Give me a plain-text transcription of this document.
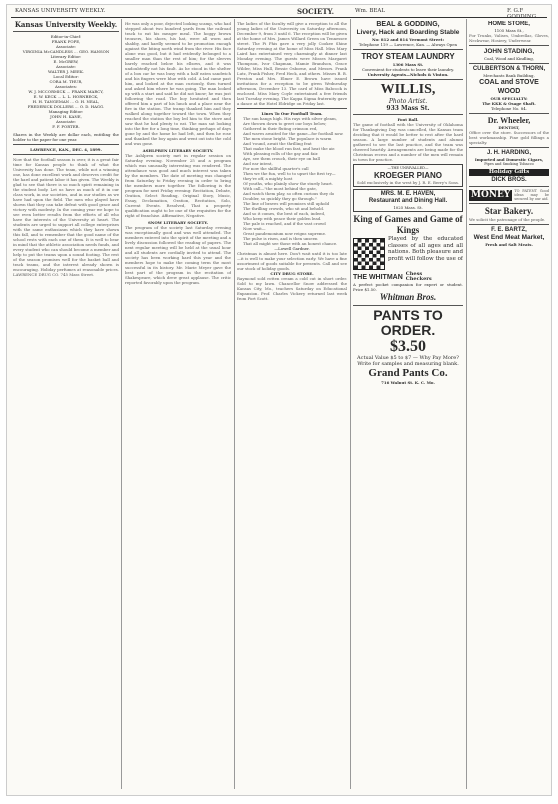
KANSAS UNIVERSITY WEEKLY.	SOCIETY.	Wm. BEAL	F. G.F GODDING
Kansas University Weekly.
Editor-in-Chief:
FRANK FOPE,
Associate:
VIRGINIA McCANDLESS ... GEO. HANSON
Literary Editor:
E. McGREW,
Associate:
WALTER J. MEEK.
Local Editor:
CORA M. THUR,
Associates:
W. J. MCCORMICK ... FRANK MARCY,
E. W. KECK ... L. L. HORNBECK,
H. H. TANGEMAN ... O. H. NEAL,
FREDERICK DOLLERS ... O. D. HAGG.
Managing Editor:
JOHN H. KANE,
Associate:
F. F. PORTER.
Shares in the Weekly are dollar each, entitling the holder to the paper for one year.
LAWRENCE, KAN., DEC. 4, 1899.
Now that the football season is over, it is a great fair time for Kansas people to think of what the University has done. The team, while not a winning one, has done excellent work and deserves credit for the hard and patient labor it has given. The Weekly is glad to see that there is so much spirit remaining in the student body. Let us have as much of it in our class work, in our societies, and in our studies as we have had upon the field. The men who played have shown that they can take defeat with good grace and victory with modesty. In the coming year we hope to see even better results from the efforts of all who have the interests of the University at heart. The students are urged to support all college enterprises with the same enthusiasm which they have shown this fall, and to remember that the good name of the school rests with each one of them. It is well to bear in mind that the athletic association needs funds, and every student who can should become a member and help to put the teams upon a sound footing. The rest of the season promises well for the basket ball and track teams, and the interest already shown is encouraging. Holiday perfumes at reasonable prices. LAWRENCE DRUG CO. 745 Mass Street.
He was only a poor, dejected looking scamp, who had stepped about two hundred yards from the railroad track to eat his meager meal. The hoggy brown trousers, his shoes, his hat, were all worn and shabby, and hardly seemed to be promotion enough against the biting north wind from the river. His face alone was good, but it had evidently belonged to a smaller man than the rest of him; for the sleeves barely reached below his elbows, and it was undoubtedly not his fault. As he stood in the shelter of a box car he was busy with a half eaten sandwich and his fingers were blue with cold. A lad came past him, and looked at the man curiously, then turned and asked him where he was going. The man looked up with a start and said he did not know; he was just following the road. The boy hesitated and then offered him a part of his lunch and a place near the fire in the station. The tramp thanked him and they walked along together toward the town. When they reached the station the boy led him to the stove and saw that he had plenty to eat. The man sat looking into the fire for a long time, thinking perhaps of days gone by and the home he had left, and then he rose and thanked the boy again and went out into the cold and was gone.
ASHLPREN LITERARY SOCIETY.
The Ashlpren society met in regular session on Saturday evening. November 25 and a program which was unusually interesting was rendered. The attendance was good and much interest was taken by the members. The date of meeting was changed from Saturday to Friday evening in order to bring the members more together. The following is the program for next Friday evening: Recitation, Debate, Oration, Select Reading, Original Story, Music, Essay, Declamation, Oration, Recitation, Solo, Current Events. Resolved, That a property qualification ought to be one of the requisites for the right of franchise. Affirmative, Negative.
SNOW LITERARY SOCIETY.
The program of the society last Saturday evening was exceptionally good and was well attended. The members entered into the spirit of the meeting and a lively discussion followed the reading of papers. The next regular meeting will be held at the usual hour and all students are cordially invited to attend. The society has been working hard this year and the members hope to make the coming term the most successful in its history. Mr. Marie Meyer gave the best part of the program in the recitation of Shakespeare, which drew great applause. The critic reported favorably upon the program.
The ladies of the faculty will give a reception to all the young ladies of the University on Saturday afternoon, December 9, from 3 until 6. The reception will be given at the home of Mrs. James Willard Green on Tennessee street. The Pi Phis gave a very jolly Cookee Shine Saturday evening at the home of Miss Hall. Miss Mary Laird has entertained very charmingly at dinner last Monday evening. The guests were Misses Margaret Thompson, Ivor Chapman, Mamie Brandson, Grace Wilder, Miss Hull, Bessie Osborne, and Messrs. Frank Lutz, Frank Fisher, Fred Heck, and others. Misses B. B. Preston and Mrs. Elmer E. Brown have issued invitations for a reception to be given Wednesday afternoon, December 13. The card of Miss Babcock is enclosed. Miss Mary Coyle entertained a few friends last Tuesday evening. The Kappa Sigma fraternity gave a dance at the Hotel Eldridge on Friday last.
Lines To Our Football Team.
The sun hangs high. His rays with silver gleam,
Are thrown down to greet our boys below;
Gathered in their fluting crimson red,
And waves awaited for the game—for football now.
The men stone bright. The populace is warm
And 'round, await the thrilling feat
That make the blood run fast, and heat the air.
With pleasing rolls of the gay and fair.
Aye, see them crouch, their eye on ball
And ear intent,
For now the skillful quarter's call
Then we the fun, well to to upset the first try—they're off, a mighty host
Of youths, who plainly show the sturdy heart.
With call—"the most behind the gate,
And watch them play, so often curious they do
Doubler, so quickly they go through."
The line of braves will promises still uphold
The thrilling crowds, who sit and behold.
And so it comes, the best of each, indeed,
Who keep with peace their golden lead.
The pale is reached, and if the vast crowd
Now wait—
Great pandemonium now reigns supreme.
The pulse is risen, and is then unseen
That all might see those with an honest chance.
—Lowell Gardner.
Christmas is almost here. Don't wait until it is too late—it is well to make your selection early. We have a fine assortment of goods suitable for presents. Call and see our stock of holiday goods.
CITY DRUG STORE.
Raymond sold rotten cream a cold cut in short order. Sold to my lawn. Chancellor Snow addressed the Kansas City, Mo., teachers Saturday on Educational Expansion. Prof. Charles Vickery returned last week from Fort Scott.
BEAL & GODDING,
Livery, Hack and Boarding Stable
No: 812 and 814 Vermont Street:
Telephone 119 — Lawrence, Kan. — Always Open
TROY STEAM LAUNDRY
1306 Mass St.
Convenient for students to leave their laundry.
University Agents—Nichols & Vinton.
WILLIS,
Photo Artist.
933 Mass St.
Foot Ball.
The game of football with the University of Oklahoma for Thanksgiving Day was cancelled, the Kansas team deciding that it would be better to rest after the hard season. A large number of students and alumni gathered to see the last practice, and the team was cheered heartily. Arrangements are being made for the Christmas recess and a number of the men will remain in town for practice.
—THE UNRIVALLED—
KROEGER PIANO
Sold exclusively in the west by J. R. E. Berry's Sons.
MRS. M. E. HAVEN,
Restaurant and Dining Hall.
1025 Mass. St.
King of Games and Game of Kings
Played by the educated classes of all ages and all nations. Both pleasure and profit will follow the use of
THE WHITMAN Chess
Checkers
A perfect pocket companion for expert or student. Price $1.50.
Whitman Bros.
PANTS TO ORDER.
$3.50
Actual Value $5 to $7 — Why Pay More? Write for samples and measuring blank.
Grand Pants Co.
716 Walnut St. K. C. Mo.
HOME STORE,
1105 Mass St.,
For Trunks, Valises, Umbrellas, Gloves, Neckwear, Hosiery, Underwear.
JOHN STADING,
Coal, Wood and Kindling,
CULBERTSON & THORN,
Merchants Bank Building,
COAL and STOVE WOOD
OUR SPECIALTY:
The KKK & Osage Shaft.
Telephone No. 84.
Dr. Wheeler,
DENTIST,
Office over the store. Successors of the best workmanship. Fine gold fillings a specialty.
J. H. HARDING,
Imported and Domestic Cigars,
Pipes and Smoking Tobacco
Holiday Gifts
DICK BROS.
MONEY	TO PATENT Good ideas may be secured by our aid.
Star Bakery.
We solicit the patronage of the people.
F. E. BARTZ,
West End Meat Market,
Fresh and Salt Meats.
